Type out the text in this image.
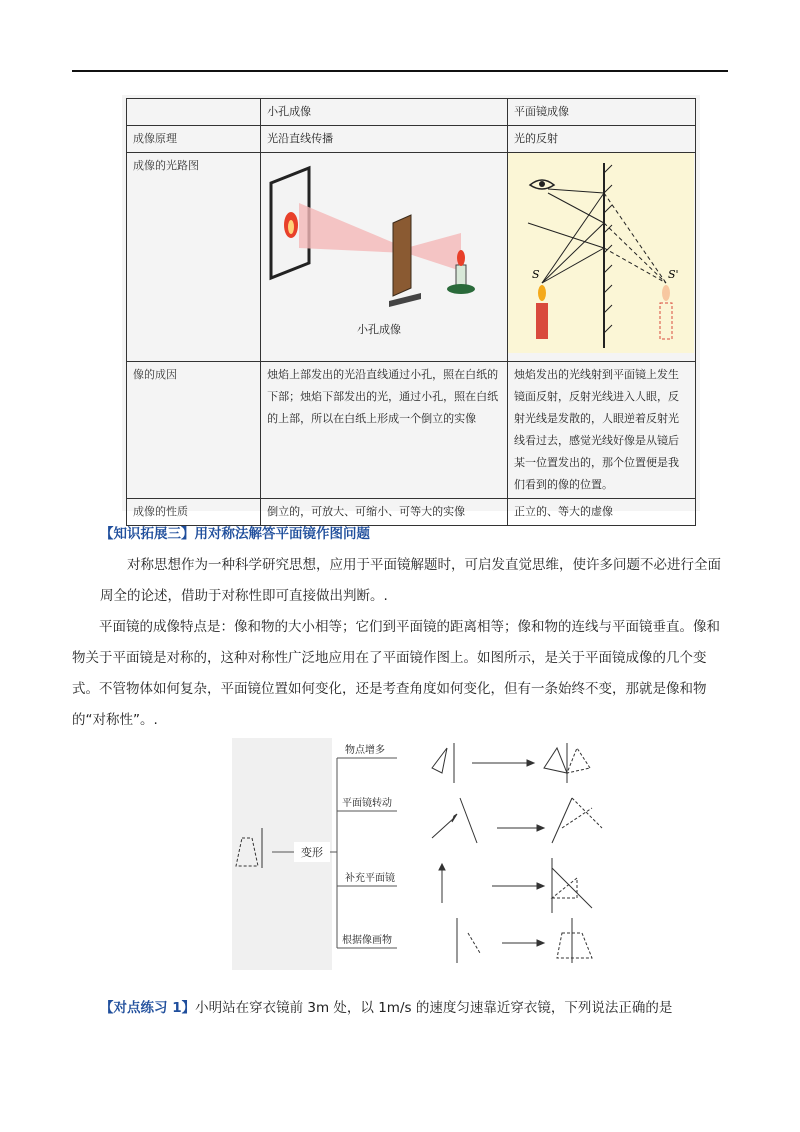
	小孔成像	平面镜成像
成像原理	光沿直线传播	光的反射
成像的光路图	小孔成像	S S'

像的成因	烛焰上部发出的光沿直线通过小孔，照在白纸的下部；烛焰下部发出的光，通过小孔，照在白纸的上部，所以在白纸上形成一个倒立的实像	烛焰发出的光线射到平面镜上发生镜面反射，反射光线进入人眼，反射光线是发散的，人眼逆着反射光线看过去，感觉光线好像是从镜后某一位置发出的，那个位置便是我们看到的像的位置。
成像的性质	倒立的，可放大、可缩小、可等大的实像	正立的、等大的虚像
【知识拓展三】用对称法解答平面镜作图问题
对称思想作为一种科学研究思想，应用于平面镜解题时，可启发直觉思维，使许多问题不必进行全面周全的论述，借助于对称性即可直接做出判断。.
平面镜的成像特点是：像和物的大小相等；它们到平面镜的距离相等；像和物的连线与平面镜垂直。像和物关于平面镜是对称的，这种对称性广泛地应用在了平面镜作图上。如图所示，是关于平面镜成像的几个变式。不管物体如何复杂，平面镜位置如何变化，还是考查角度如何变化，但有一条始终不变，那就是像和物的“对称性”。.
变形
物点增多
平面镜转动
补充平面镜
根据像画物
【对点练习 1】小明站在穿衣镜前 3m 处，以 1m/s 的速度匀速靠近穿衣镜，下列说法正确的是
